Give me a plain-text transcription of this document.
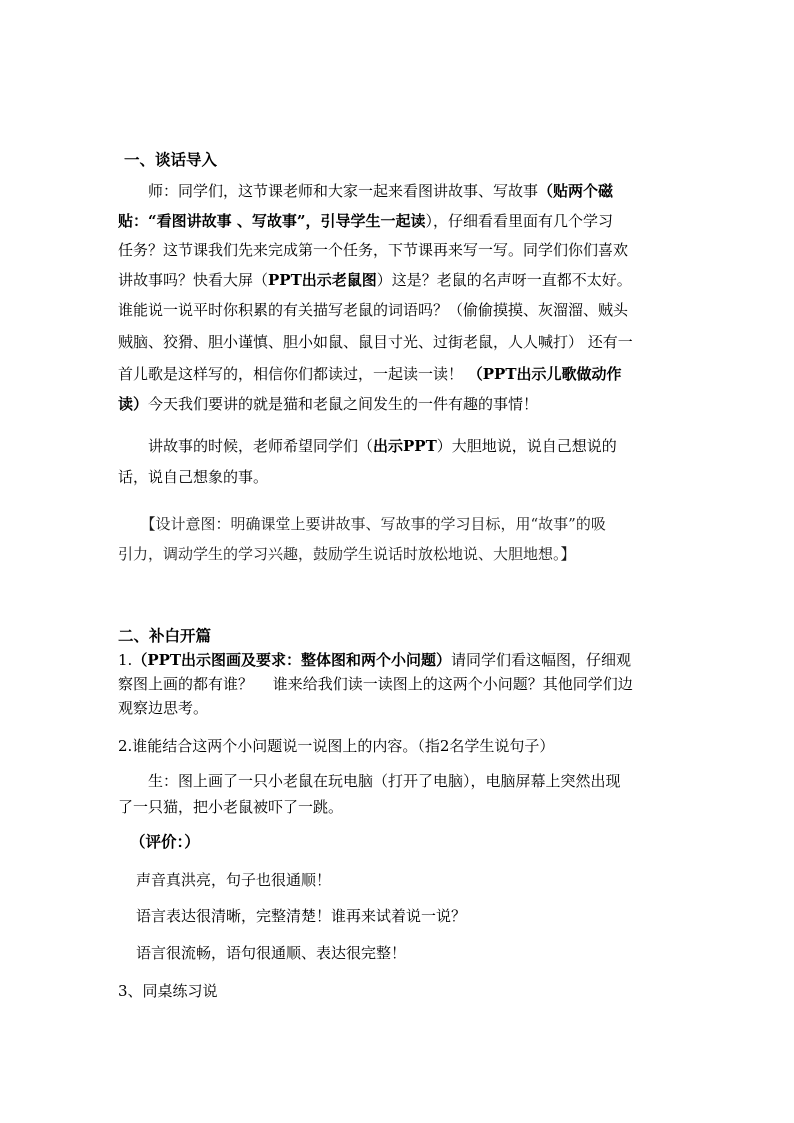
一、谈话导入
　　师：同学们，这节课老师和大家一起来看图讲故事、写故事（贴两个磁
贴：“看图讲故事 、写故事”，引导学生一起读），仔细看看里面有几个学习
任务？这节课我们先来完成第一个任务，下节课再来写一写。同学们你们喜欢
讲故事吗？快看大屏（PPT出示老鼠图）这是？老鼠的名声呀一直都不太好。
谁能说一说平时你积累的有关描写老鼠的词语吗？（偷偷摸摸、灰溜溜、贼头
贼脑、狡猾、胆小谨慎、胆小如鼠、鼠目寸光、过街老鼠，人人喊打） 还有一
首儿歌是这样写的，相信你们都读过，一起读一读！ （PPT出示儿歌做动作
读）今天我们要讲的就是猫和老鼠之间发生的一件有趣的事情！
　　讲故事的时候，老师希望同学们（出示PPT）大胆地说，说自己想说的
话，说自己想象的事。
　　【设计意图：明确课堂上要讲故事、写故事的学习目标，用“故事”的吸
引力，调动学生的学习兴趣，鼓励学生说话时放松地说、大胆地想。】
二、补白开篇
1.（PPT出示图画及要求：整体图和两个小问题）请同学们看这幅图，仔细观
察图上画的都有谁？　 谁来给我们读一读图上的这两个小问题？其他同学们边
观察边思考。
2.谁能结合这两个小问题说一说图上的内容。（指2名学生说句子）
　　生：图上画了一只小老鼠在玩电脑（打开了电脑），电脑屏幕上突然出现
了一只猫，把小老鼠被吓了一跳。
（评价：）
声音真洪亮，句子也很通顺！
语言表达很清晰，完整清楚！谁再来试着说一说？
语言很流畅，语句很通顺、表达很完整！
3、同桌练习说
